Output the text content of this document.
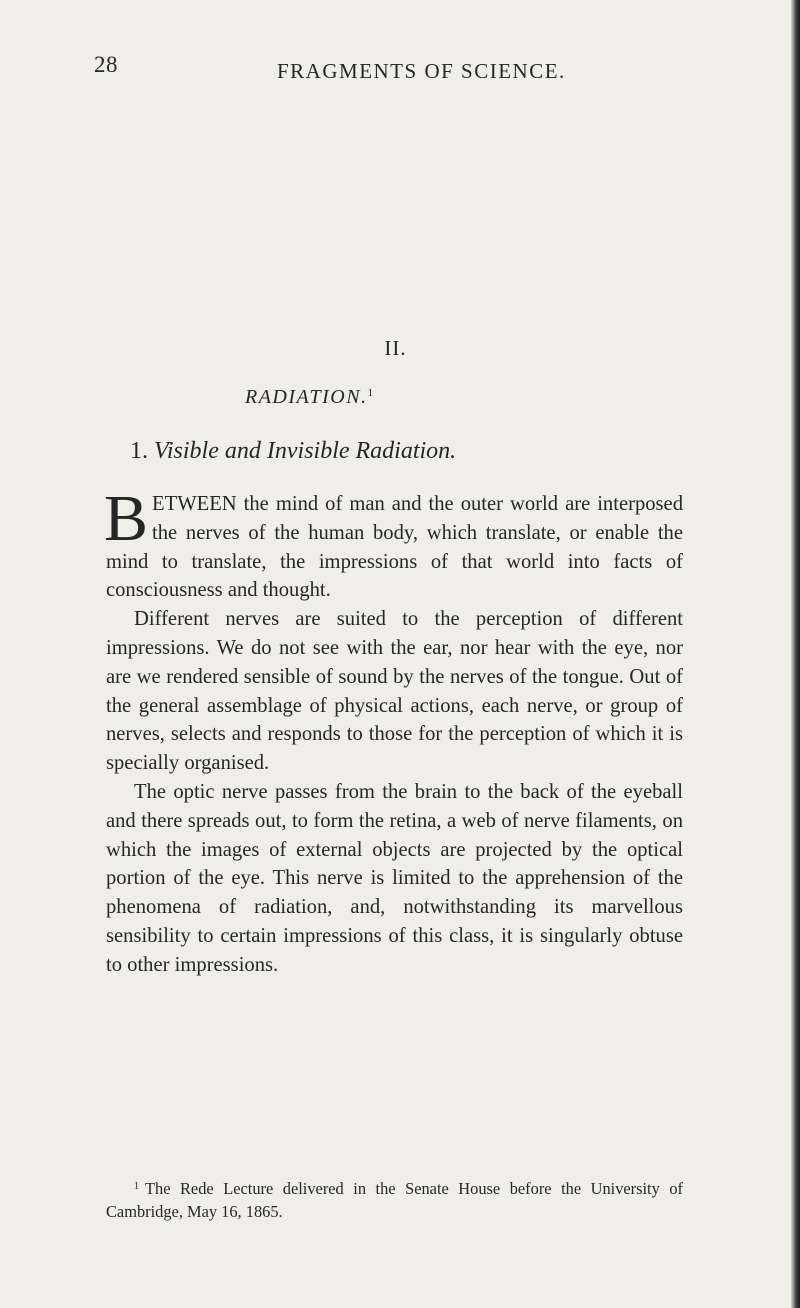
28	FRAGMENTS OF SCIENCE.
II.
RADIATION.$^1$
1. Visible and Invisible Radiation.

BETWEEN the mind of man and the outer world are interposed the nerves of the human body, which translate, or enable the mind to translate, the impressions of that world into facts of consciousness and thought.

Different nerves are suited to the perception of different impressions. We do not see with the ear, nor hear with the eye, nor are we rendered sensible of sound by the nerves of the tongue. Out of the general assemblage of physical actions, each nerve, or group of nerves, selects and responds to those for the perception of which it is specially organised.

The optic nerve passes from the brain to the back of the eyeball and there spreads out, to form the retina, a web of nerve filaments, on which the images of external objects are projected by the optical portion of the eye. This nerve is limited to the apprehension of the phenomena of radiation, and, notwithstanding its marvellous sensibility to certain impressions of this class, it is singularly obtuse to other impressions.

$^1$ The Rede Lecture delivered in the Senate House before the University of Cambridge, May 16, 1865.
